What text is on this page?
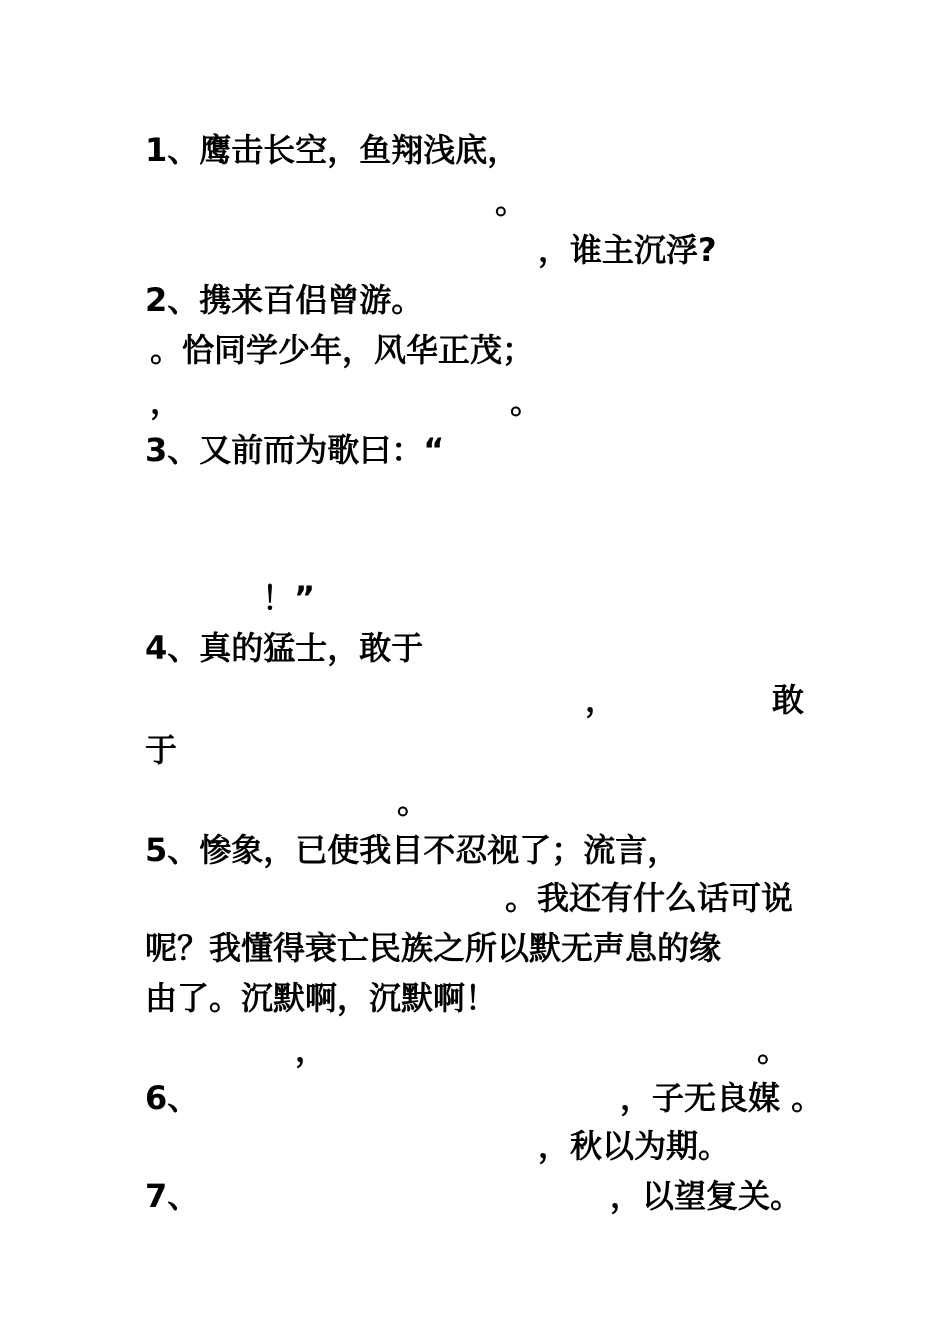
1、鹰击长空，鱼翔浅底，
。
，谁主沉浮?
2、携来百侣曾游。
。恰同学少年，风华正茂；
，	。
3、又前而为歌曰：“
！”
4、真的猛士，敢于
，	敢
于
。
5、惨象，已使我目不忍视了；流言，
。我还有什么话可说
呢？我懂得衰亡民族之所以默无声息的缘
由了。沉默啊，沉默啊！
，	。
6、	，子无良媒 。
，秋以为期。
7、	，以望复关。
